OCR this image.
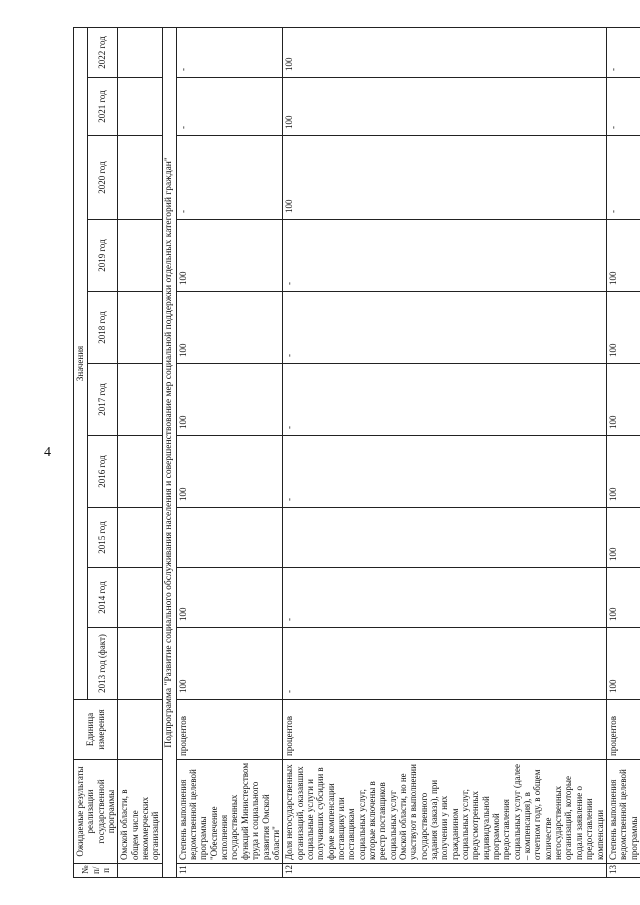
4
№ п/п	Ожидаемые результаты реализации государственной программы	Единица измерения	Значения									
			2013 год (факт)	2014 год	2015 год	2016 год	2017 год	2018 год	2019 год	2020 год	2021 год	2022 год
	Омской области, в общем числе некоммерческих организаций											
Подпрограмма "Развитие социального обслуживания населения и совершенствование мер социальной поддержки отдельных категорий граждан"												
11	Степень выполнения ведомственной целевой программы "Обеспечение исполнения государственных функций Министерством труда и социального развития Омской области"	процентов	100	100		100	100	100	100	-	-	-
12	Доля негосударственных организаций, оказавших социальные услуги и получивших субсидии в форме компенсации поставщику или поставщикам социальных услуг, которые включены в реестр поставщиков социальных услуг Омской области, но не участвуют в выполнении государственного задания (заказа), при получении у них гражданином социальных услуг, предусмотренных индивидуальной программой предоставления социальных услуг (далее – компенсация), в отчетном году, в общем количестве негосударственных организаций, которые подали заявление о предоставлении компенсации	процентов	-	-		-	-	-	-	100	100	100
13	Степень выполнения ведомственной целевой программы	процентов	100	100	100	100	100	100	100	-	-	-
